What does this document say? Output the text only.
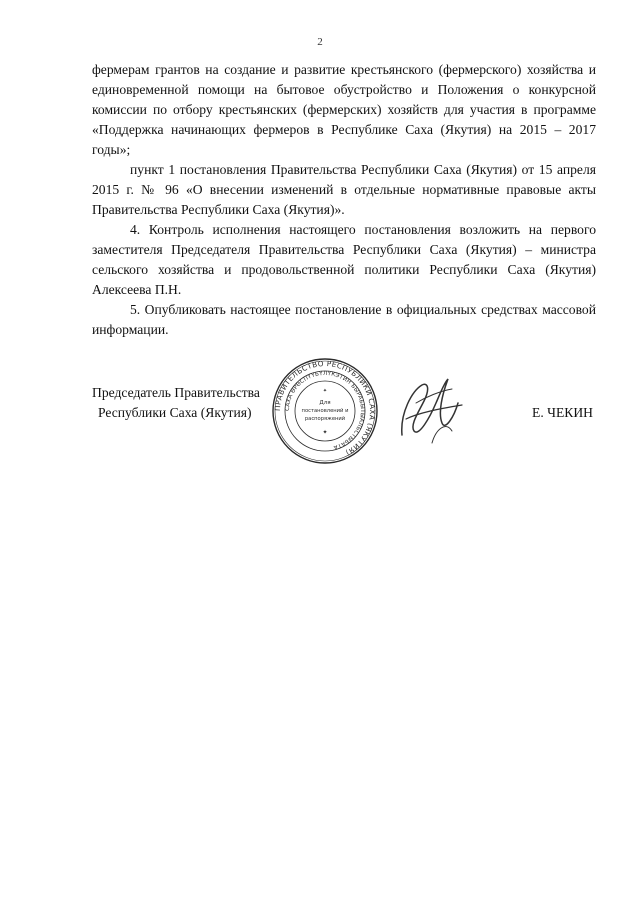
2

фермерам грантов на создание и развитие крестьянского (фермерского) хозяйства и единовременной помощи на бытовое обустройство и Положения о конкурсной комиссии по отбору крестьянских (фермерских) хозяйств для участия в программе «Поддержка начинающих фермеров в Республике Саха (Якутия) на 2015 – 2017 годы»;

пункт 1 постановления Правительства Республики Саха (Якутия) от 15 апреля 2015 г. № 96 «О внесении изменений в отдельные нормативные правовые акты Правительства Республики Саха (Якутия)».

4. Контроль исполнения настоящего постановления возложить на первого заместителя Председателя Правительства Республики Саха (Якутия) – министра сельского хозяйства и продовольственной политики Республики Саха (Якутия) Алексеева П.Н.

5. Опубликовать настоящее постановление в официальных средствах массовой информации.

Председатель Правительства
Республики Саха (Якутия)	ПРАВИТЕЛЬСТВО РЕСПУБЛИКИ САХА (ЯКУТИЯ)
САХА ӨРӨСПҮҮБҮЛҮКЭТИН БЫРАБЫТЫАЛЬСТЫБАТА
Для
постановлений и
распоряжений
✦
✦
Е. ЧЕКИН
